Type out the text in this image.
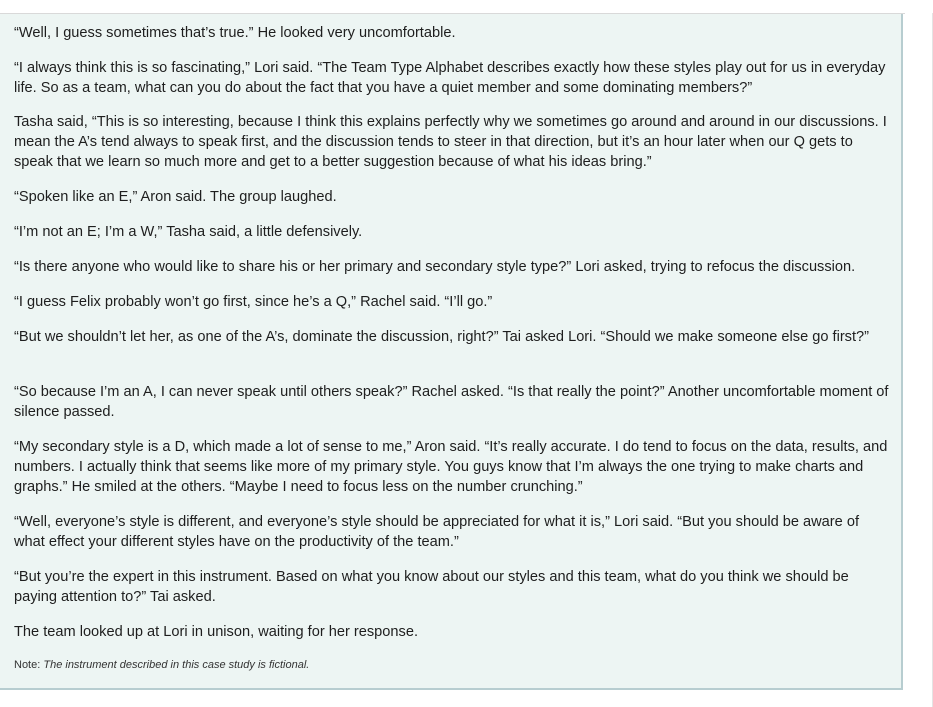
“Well, I guess sometimes that’s true.” He looked very uncomfortable.

“I always think this is so fascinating,” Lori said. “The Team Type Alphabet describes exactly how these styles play out for us in everyday life. So as a team, what can you do about the fact that you have a quiet member and some dominating members?”

Tasha said, “This is so interesting, because I think this explains perfectly why we sometimes go around and around in our discussions. I mean the A’s tend always to speak first, and the discussion tends to steer in that direction, but it’s an hour later when our Q gets to speak that we learn so much more and get to a better suggestion because of what his ideas bring.”

“Spoken like an E,” Aron said. The group laughed.

“I’m not an E; I’m a W,” Tasha said, a little defensively.

“Is there anyone who would like to share his or her primary and secondary style type?” Lori asked, trying to refocus the discussion.

“I guess Felix probably won’t go first, since he’s a Q,” Rachel said. “I’ll go.”

“But we shouldn’t let her, as one of the A’s, dominate the discussion, right?” Tai asked Lori. “Should we make someone else go first?”

“So because I’m an A, I can never speak until others speak?” Rachel asked. “Is that really the point?” Another uncomfortable moment of silence passed.

“My secondary style is a D, which made a lot of sense to me,” Aron said. “It’s really accurate. I do tend to focus on the data, results, and numbers. I actually think that seems like more of my primary style. You guys know that I’m always the one trying to make charts and graphs.” He smiled at the others. “Maybe I need to focus less on the number crunching.”

“Well, everyone’s style is different, and everyone’s style should be appreciated for what it is,” Lori said. “But you should be aware of what effect your different styles have on the productivity of the team.”

“But you’re the expert in this instrument. Based on what you know about our styles and this team, what do you think we should be paying attention to?” Tai asked.

The team looked up at Lori in unison, waiting for her response.

Note: The instrument described in this case study is fictional.
